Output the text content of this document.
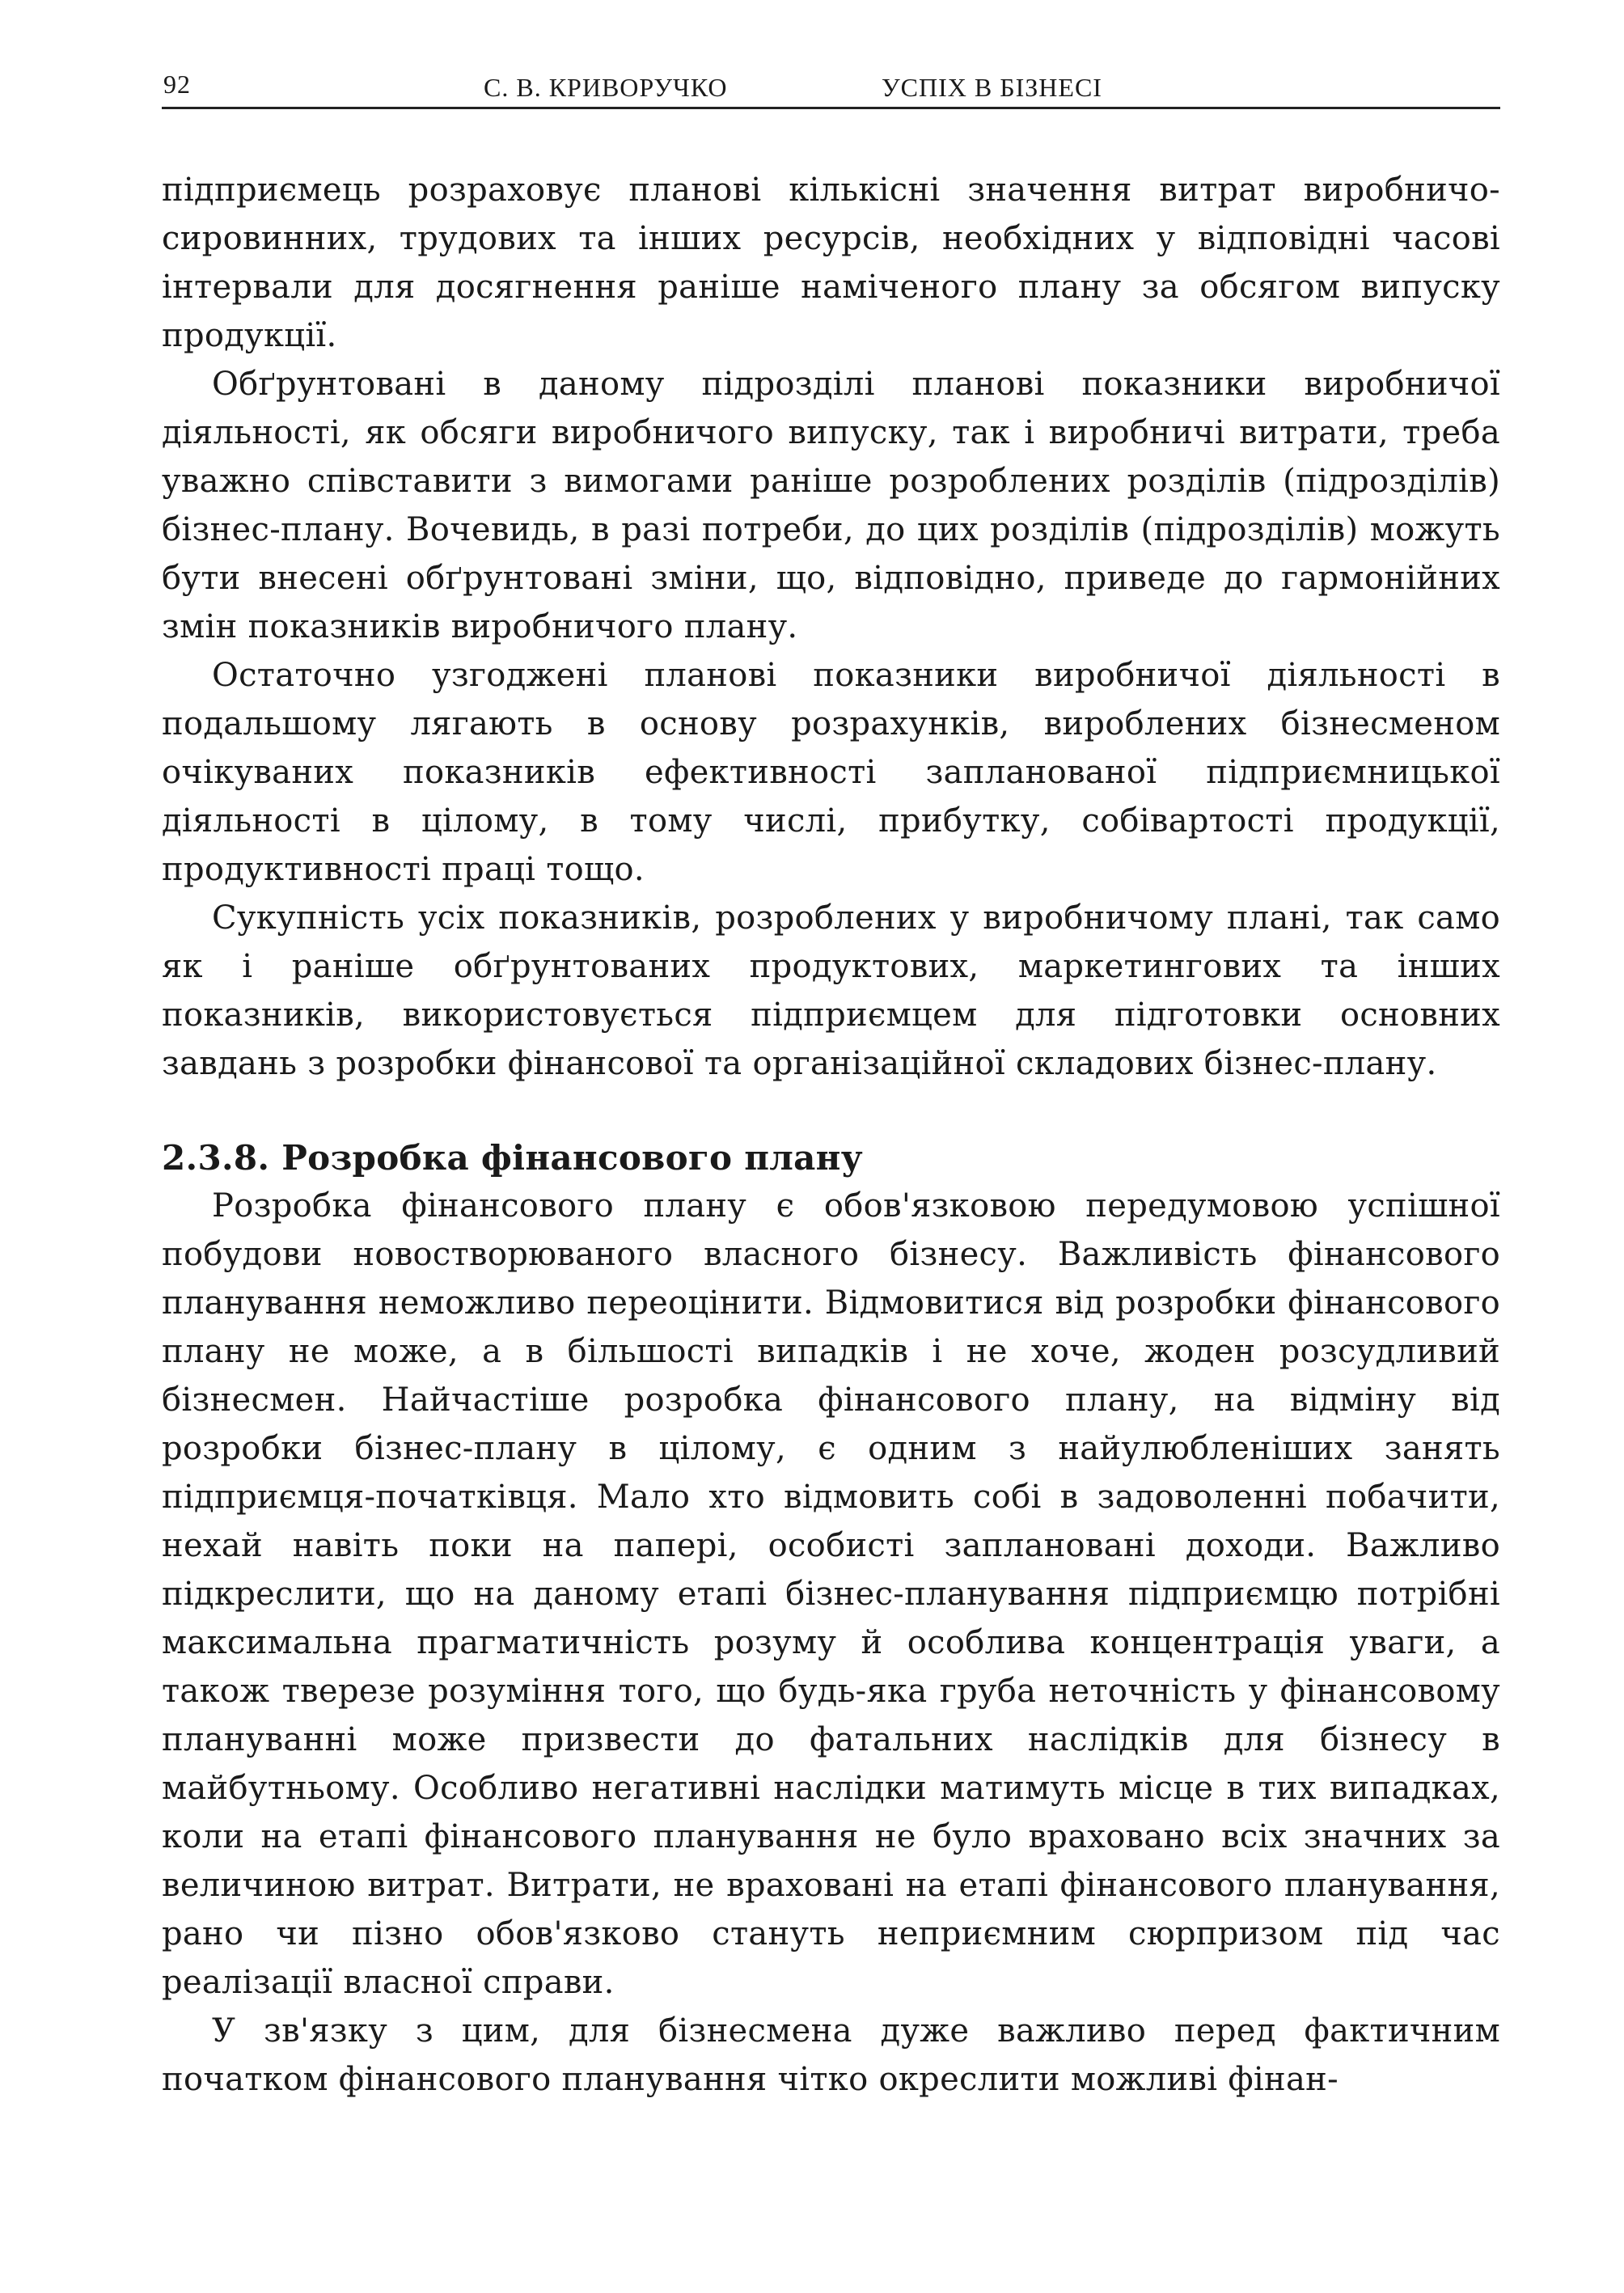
92	С. В. КРИВОРУЧКО	УСПІХ В БІЗНЕСІ

підприємець розраховує планові кількісні значення витрат виробничо-сировинних, трудових та інших ресурсів, необхідних у відповідні часові інтервали для досягнення раніше наміченого плану за обсягом випуску продукції.

Обґрунтовані в даному підрозділі планові показники виробничої діяльності, як обсяги виробничого випуску, так і виробничі витрати, треба уважно співставити з вимогами раніше розроблених розділів (підрозділів) бізнес-плану. Вочевидь, в разі потреби, до цих розділів (підрозділів) можуть бути внесені обґрунтовані зміни, що, відповідно, приведе до гармонійних змін показників виробничого плану.

Остаточно узгоджені планові показники виробничої діяльності в подальшому лягають в основу розрахунків, вироблених бізнесменом очікуваних показників ефективності запланованої підприємницької діяльності в цілому, в тому числі, прибутку, собівартості продукції, продуктивності праці тощо.

Сукупність усіх показників, розроблених у виробничому плані, так само як і раніше обґрунтованих продуктових, маркетингових та інших показників, використовується підприємцем для підготовки основних завдань з розробки фінансової та організаційної складових бізнес-плану.

2.3.8. Розробка фінансового плану

Розробка фінансового плану є обов'язковою передумовою успішної побудови новостворюваного власного бізнесу. Важливість фінансового планування неможливо переоцінити. Відмовитися від розробки фінансового плану не може, а в більшості випадків і не хоче, жоден розсудливий бізнесмен. Найчастіше розробка фінансового плану, на відміну від розробки бізнес-плану в цілому, є одним з найулюбленіших занять підприємця-початківця. Мало хто відмовить собі в задоволенні побачити, нехай навіть поки на папері, особисті заплановані доходи. Важливо підкреслити, що на даному етапі бізнес-планування підприємцю потрібні максимальна прагматичність розуму й особлива концентрація уваги, а також тверезе розуміння того, що будь-яка груба неточність у фінансовому плануванні може призвести до фатальних наслідків для бізнесу в майбутньому. Особливо негативні наслідки матимуть місце в тих випадках, коли на етапі фінансового планування не було враховано всіх значних за величиною витрат. Витрати, не враховані на етапі фінансового планування, рано чи пізно обов'язково стануть неприємним сюрпризом під час реалізації власної справи.

У зв'язку з цим, для бізнесмена дуже важливо перед фактичним початком фінансового планування чітко окреслити можливі фінан-
